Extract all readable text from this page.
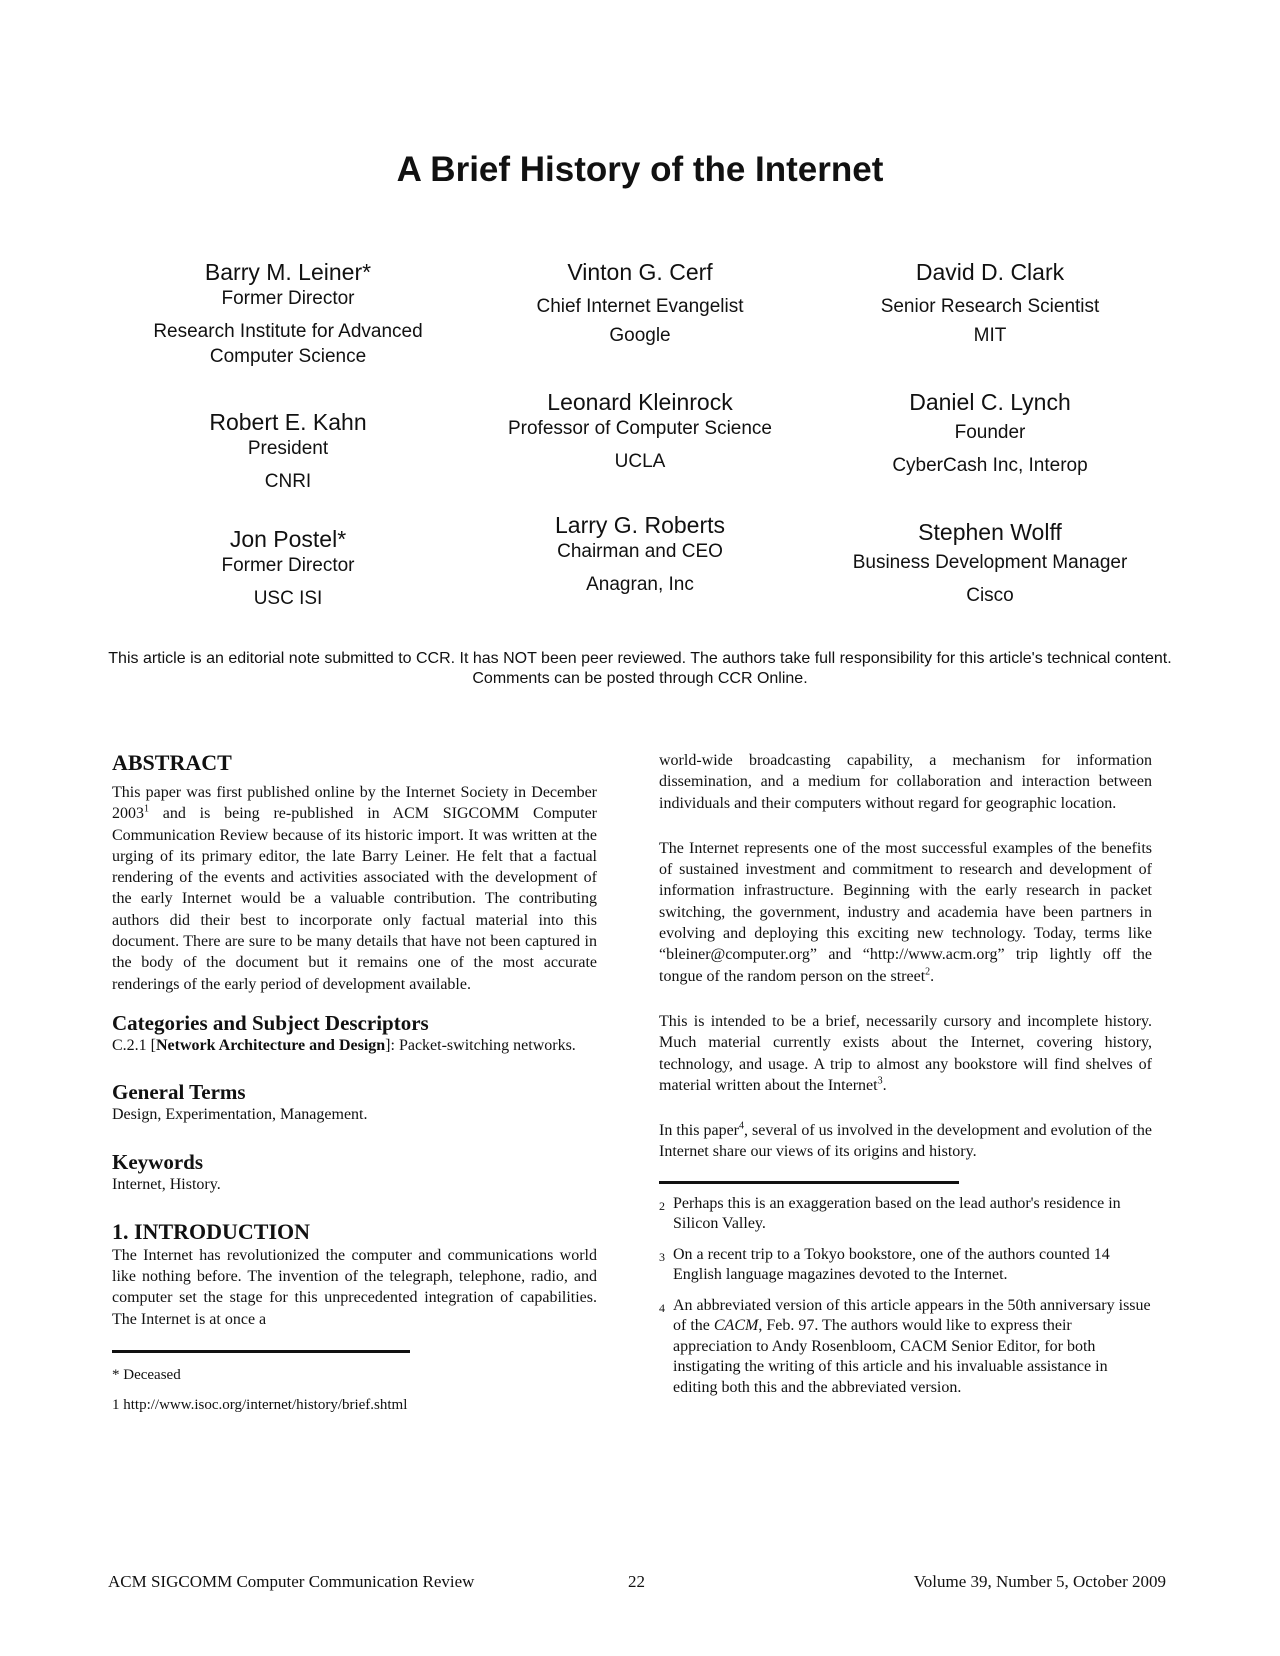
A Brief History of the Internet
Barry M. Leiner*
Former Director
Research Institute for Advanced
Computer Science
Vinton G. Cerf
Chief Internet Evangelist
Google
David D. Clark
Senior Research Scientist
MIT
Robert E. Kahn
President
CNRI
Leonard Kleinrock
Professor of Computer Science
UCLA
Daniel C. Lynch
Founder
CyberCash Inc, Interop
Jon Postel*
Former Director
USC ISI
Larry G. Roberts
Chairman and CEO
Anagran, Inc
Stephen Wolff
Business Development Manager
Cisco

This article is an editorial note submitted to CCR. It has NOT been peer reviewed. The authors take full responsibility for this article's technical content. Comments can be posted through CCR Online.

ABSTRACT

This paper was first published online by the Internet Society in December 2003$^1$ and is being re-published in ACM SIGCOMM Computer Communication Review because of its historic import. It was written at the urging of its primary editor, the late Barry Leiner. He felt that a factual rendering of the events and activities associated with the development of the early Internet would be a valuable contribution. The contributing authors did their best to incorporate only factual material into this document. There are sure to be many details that have not been captured in the body of the document but it remains one of the most accurate renderings of the early period of development available.

Categories and Subject Descriptors

C.2.1 [Network Architecture and Design]: Packet-switching networks.

General Terms

Design, Experimentation, Management.

Keywords

Internet, History.

1. INTRODUCTION

The Internet has revolutionized the computer and communications world like nothing before. The invention of the telegraph, telephone, radio, and computer set the stage for this unprecedented integration of capabilities. The Internet is at once a

* Deceased

1 http://www.isoc.org/internet/history/brief.shtml

world-wide broadcasting capability, a mechanism for information dissemination, and a medium for collaboration and interaction between individuals and their computers without regard for geographic location.

The Internet represents one of the most successful examples of the benefits of sustained investment and commitment to research and development of information infrastructure. Beginning with the early research in packet switching, the government, industry and academia have been partners in evolving and deploying this exciting new technology. Today, terms like “bleiner@computer.org” and “http://www.acm.org” trip lightly off the tongue of the random person on the street$^2$.

This is intended to be a brief, necessarily cursory and incomplete history. Much material currently exists about the Internet, covering history, technology, and usage. A trip to almost any bookstore will find shelves of material written about the Internet$^3$.

In this paper$^4$, several of us involved in the development and evolution of the Internet share our views of its origins and history.

2 Perhaps this is an exaggeration based on the lead author's residence in Silicon Valley.
3 On a recent trip to a Tokyo bookstore, one of the authors counted 14 English language magazines devoted to the Internet.
4 An abbreviated version of this article appears in the 50th anniversary issue of the CACM, Feb. 97. The authors would like to express their appreciation to Andy Rosenbloom, CACM Senior Editor, for both instigating the writing of this article and his invaluable assistance in editing both this and the abbreviated version.
ACM SIGCOMM Computer Communication Review	22	Volume 39, Number 5, October 2009
